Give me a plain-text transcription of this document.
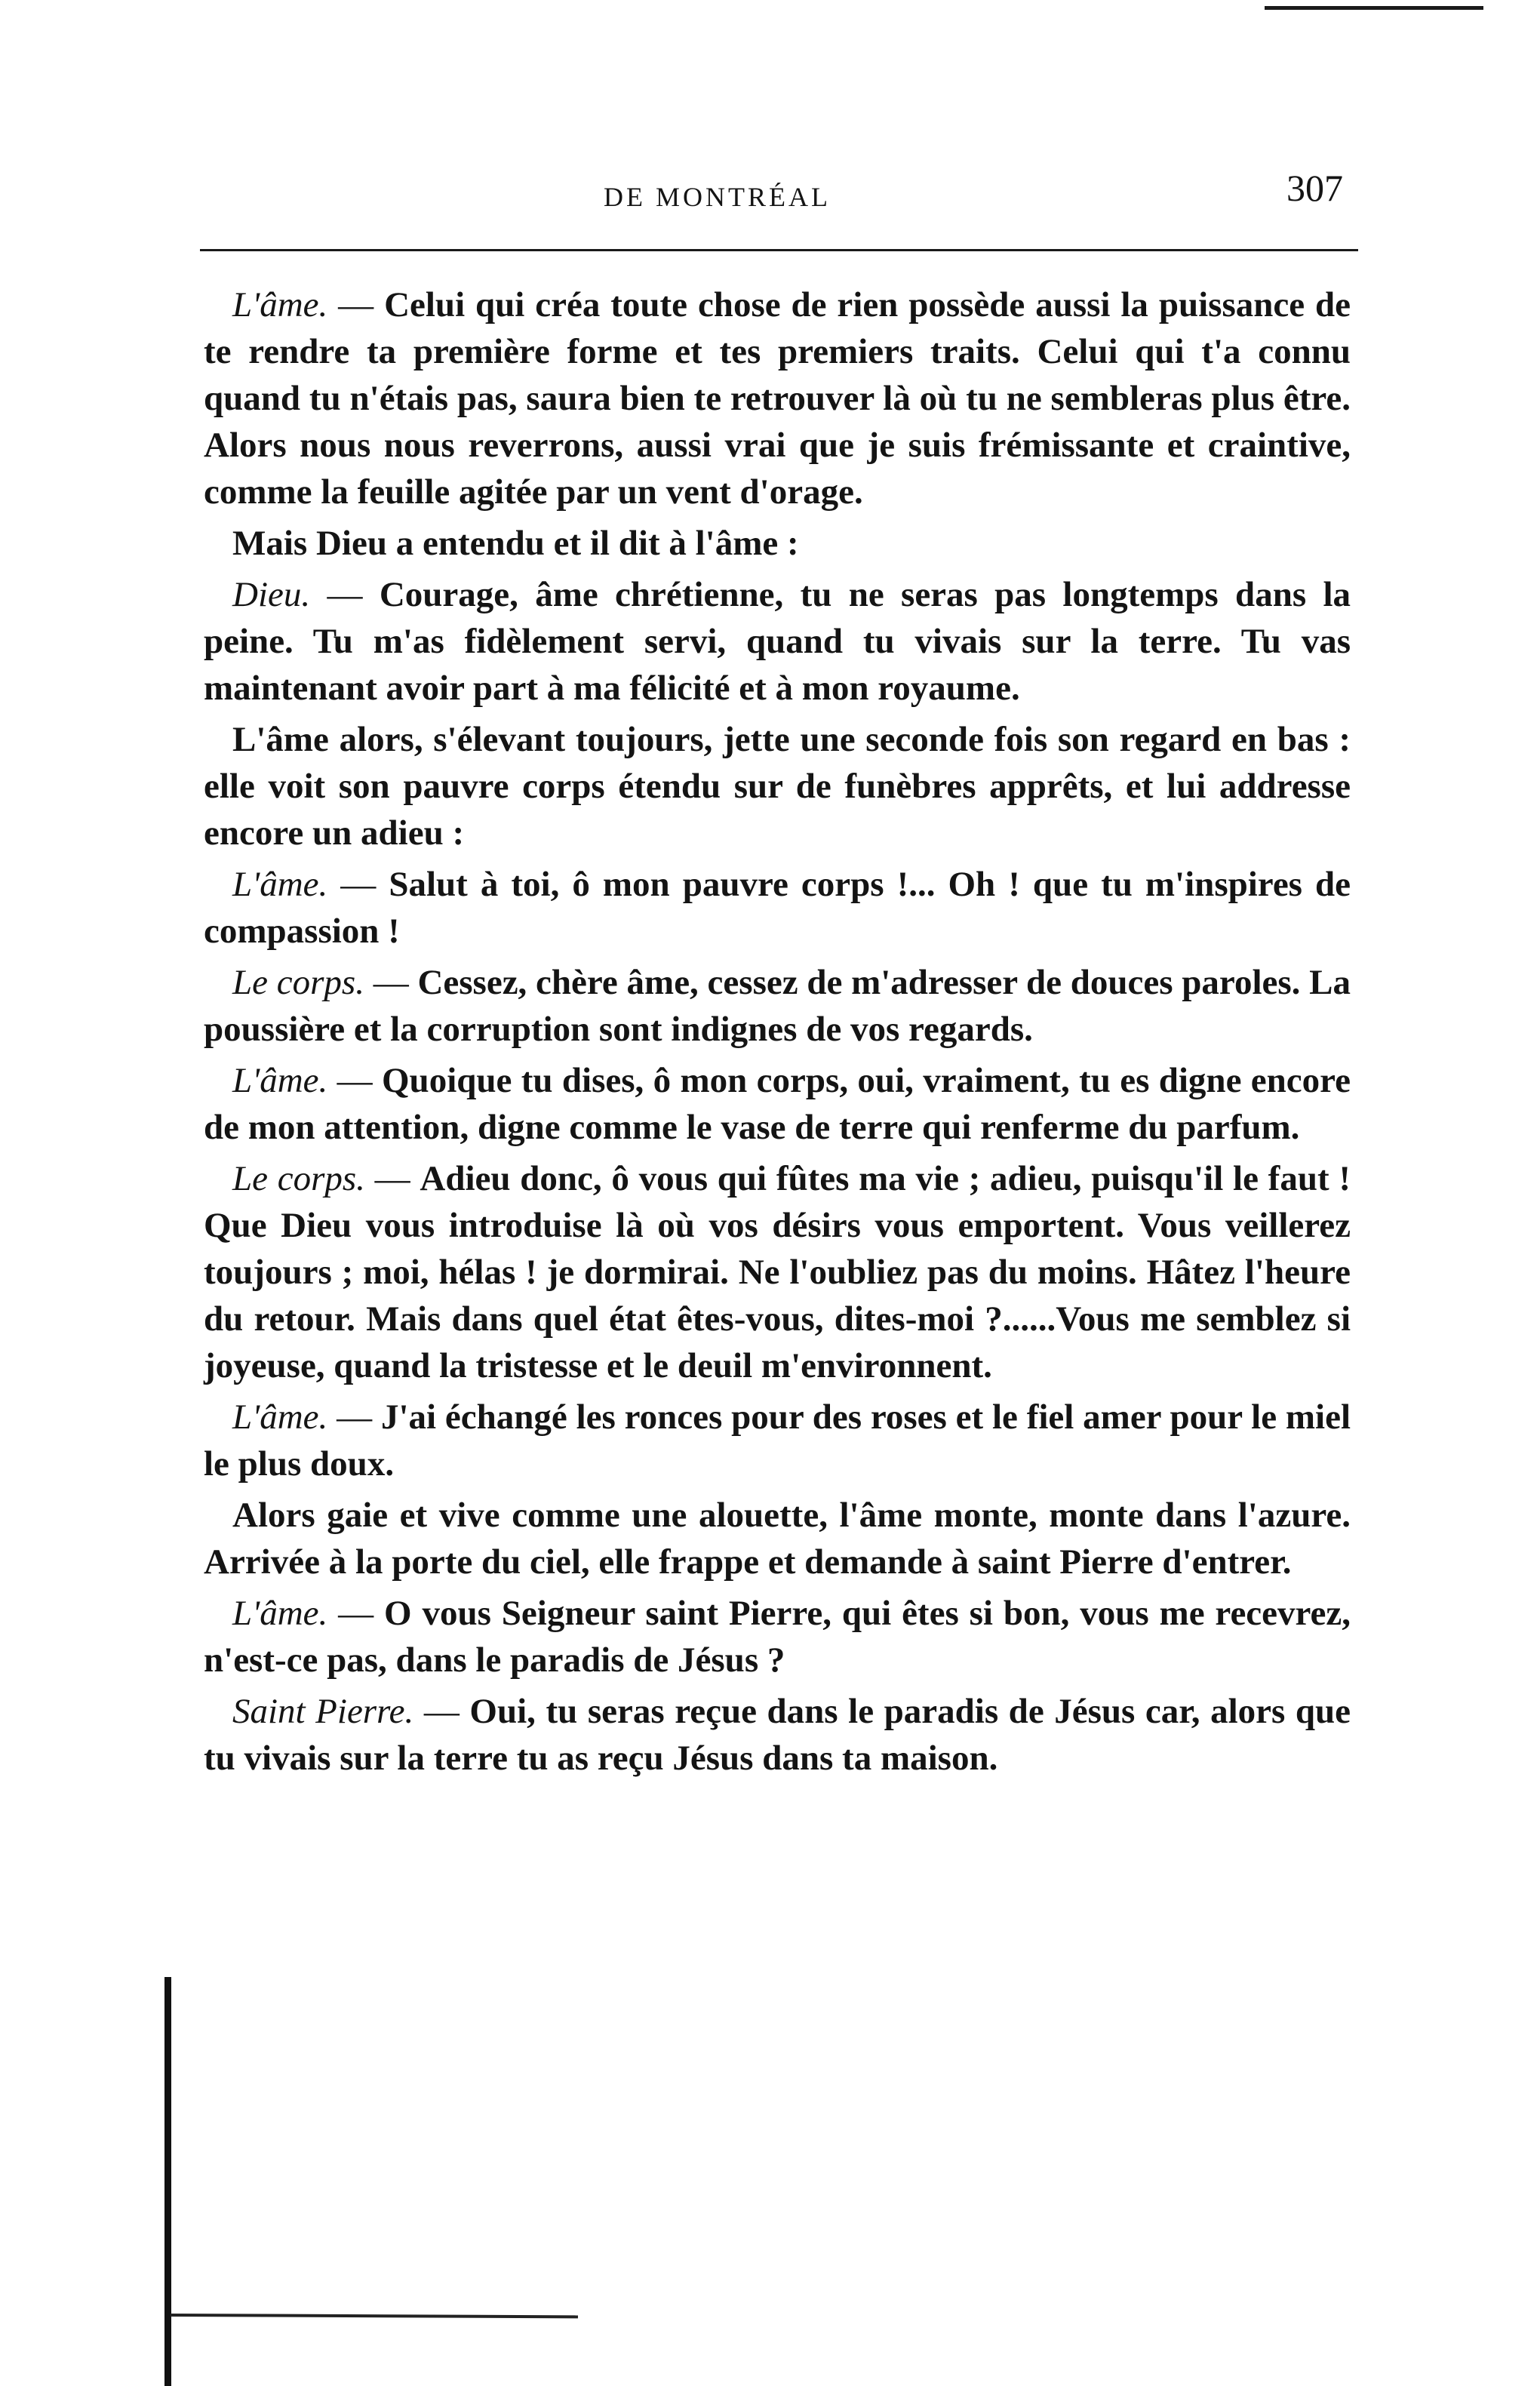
DE MONTRÉAL	307

L'âme. — Celui qui créa toute chose de rien possède aussi la puissance de te rendre ta première forme et tes premiers traits. Celui qui t'a connu quand tu n'étais pas, saura bien te retrouver là où tu ne sembleras plus être. Alors nous nous reverrons, aussi vrai que je suis frémissante et craintive, comme la feuille agitée par un vent d'orage.

Mais Dieu a entendu et il dit à l'âme :

Dieu. — Courage, âme chrétienne, tu ne seras pas longtemps dans la peine. Tu m'as fidèlement servi, quand tu vivais sur la terre. Tu vas maintenant avoir part à ma félicité et à mon royaume.

L'âme alors, s'élevant toujours, jette une seconde fois son regard en bas : elle voit son pauvre corps étendu sur de funèbres apprêts, et lui addresse encore un adieu :

L'âme. — Salut à toi, ô mon pauvre corps !... Oh ! que tu m'inspires de compassion !

Le corps. — Cessez, chère âme, cessez de m'adresser de douces paroles. La poussière et la corruption sont indignes de vos regards.

L'âme. — Quoique tu dises, ô mon corps, oui, vraiment, tu es digne encore de mon attention, digne comme le vase de terre qui renferme du parfum.

Le corps. — Adieu donc, ô vous qui fûtes ma vie ; adieu, puisqu'il le faut ! Que Dieu vous introduise là où vos désirs vous emportent. Vous veillerez toujours ; moi, hélas ! je dormirai. Ne l'oubliez pas du moins. Hâtez l'heure du retour. Mais dans quel état êtes-vous, dites-moi ?......Vous me semblez si joyeuse, quand la tristesse et le deuil m'environnent.

L'âme. — J'ai échangé les ronces pour des roses et le fiel amer pour le miel le plus doux.

Alors gaie et vive comme une alouette, l'âme monte, monte dans l'azure. Arrivée à la porte du ciel, elle frappe et demande à saint Pierre d'entrer.

L'âme. — O vous Seigneur saint Pierre, qui êtes si bon, vous me recevrez, n'est-ce pas, dans le paradis de Jésus ?

Saint Pierre. — Oui, tu seras reçue dans le paradis de Jésus car, alors que tu vivais sur la terre tu as reçu Jésus dans ta maison.
